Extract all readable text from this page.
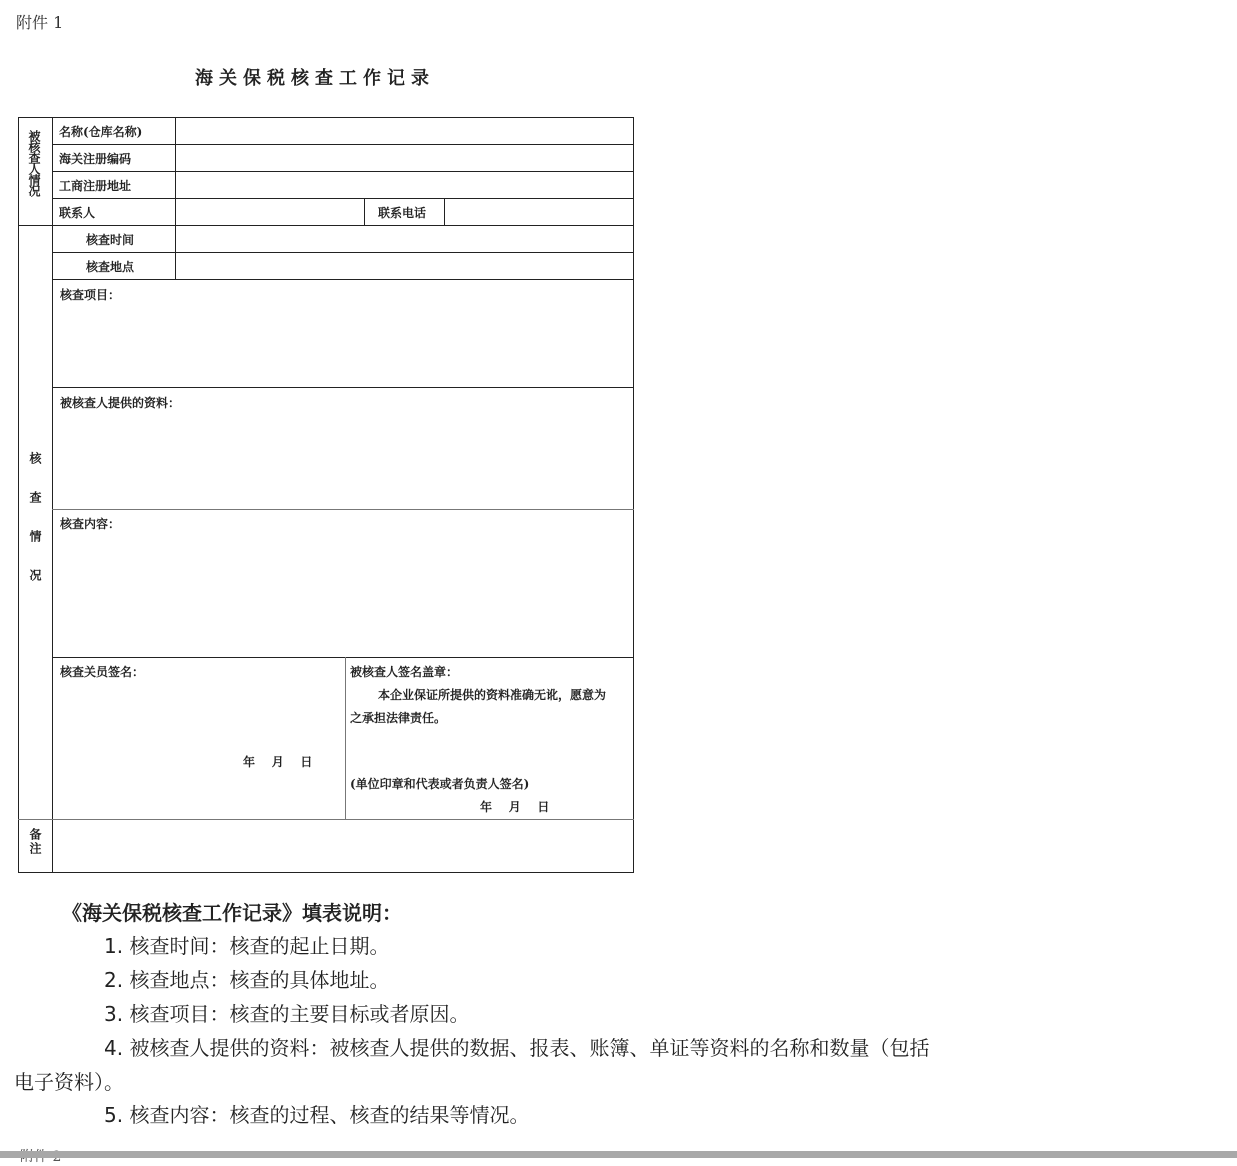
附件 1
海关保税核查工作记录
被核查人情况
核查情况
备注
名称(仓库名称)
海关注册编码
工商注册地址
联系人	联系电话
核查时间
核查地点
核查项目：
被核查人提供的资料：
核查内容：
核查关员签名：
年    月    日
被核查人签名盖章：
本企业保证所提供的资料准确无讹，愿意为
之承担法律责任。
(单位印章和代表或者负责人签名)
年    月    日
《海关保税核查工作记录》填表说明：
1. 核查时间：核查的起止日期。
2. 核查地点：核查的具体地址。
3. 核查项目：核查的主要目标或者原因。
4. 被核查人提供的资料：被核查人提供的数据、报表、账簿、单证等资料的名称和数量（包括
电子资料）。
5. 核查内容：核查的过程、核查的结果等情况。
